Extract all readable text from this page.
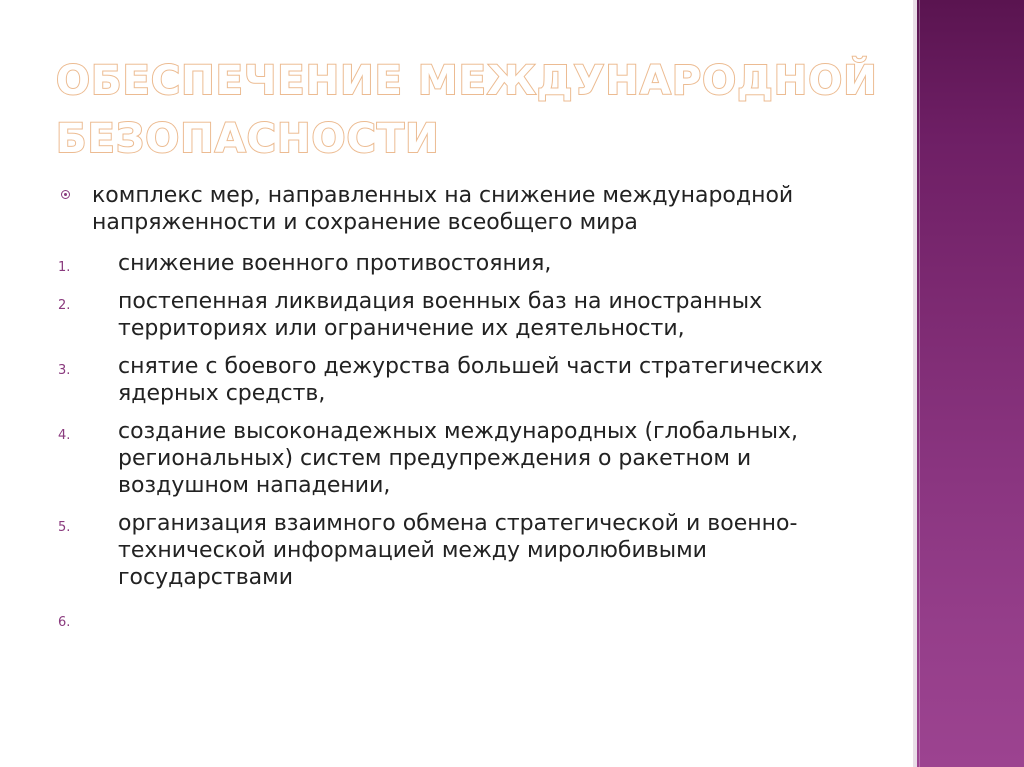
ОБЕСПЕЧЕНИЕ МЕЖДУНАРОДНОЙ БЕЗОПАСНОСТИ
комплекс мер, направленных на снижение международной напряженности и сохранение всеобщего мира
1. снижение военного противостояния,
2. постепенная ликвидация военных баз на иностранных территориях или ограничение их деятельности,
3. снятие с боевого дежурства большей части стратегических ядерных средств,
4. создание высоконадежных международных (глобальных, региональных) систем предупреждения о ракетном и воздушном нападении,
5. организация взаимного обмена стратегической и военно-технической информацией между миролюбивыми государствами
6.
